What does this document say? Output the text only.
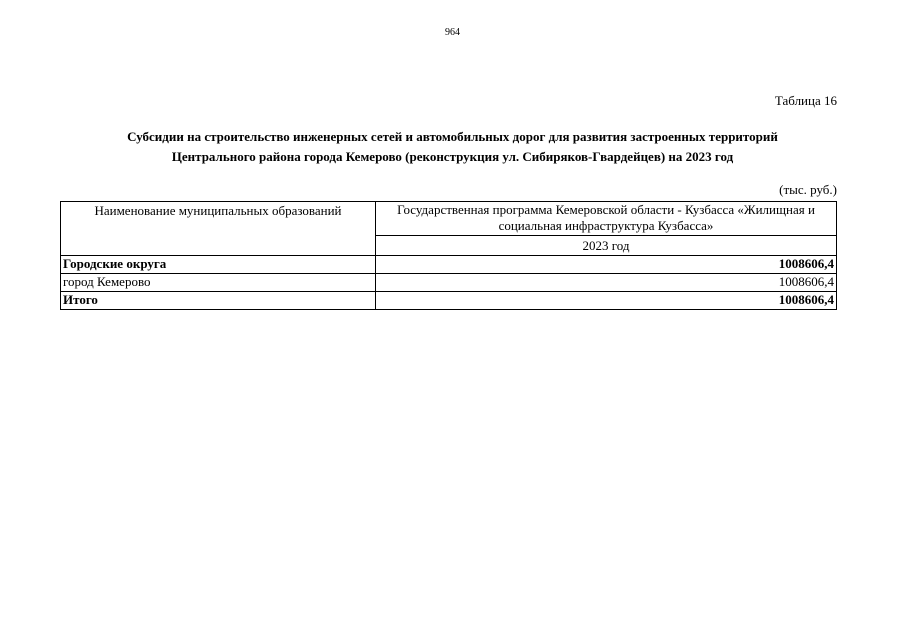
964
Таблица 16
Субсидии на строительство инженерных сетей и автомобильных дорог для развития застроенных территорий
Центрального района города Кемерово (реконструкция ул. Сибиряков-Гвардейцев) на 2023 год
(тыс. руб.)
Наименование муниципальных образований	Государственная программа Кемеровской области - Кузбасса «Жилищная и социальная инфраструктура Кузбасса»
	2023 год
Городские округа	1008606,4
город Кемерово	1008606,4
Итого	1008606,4
